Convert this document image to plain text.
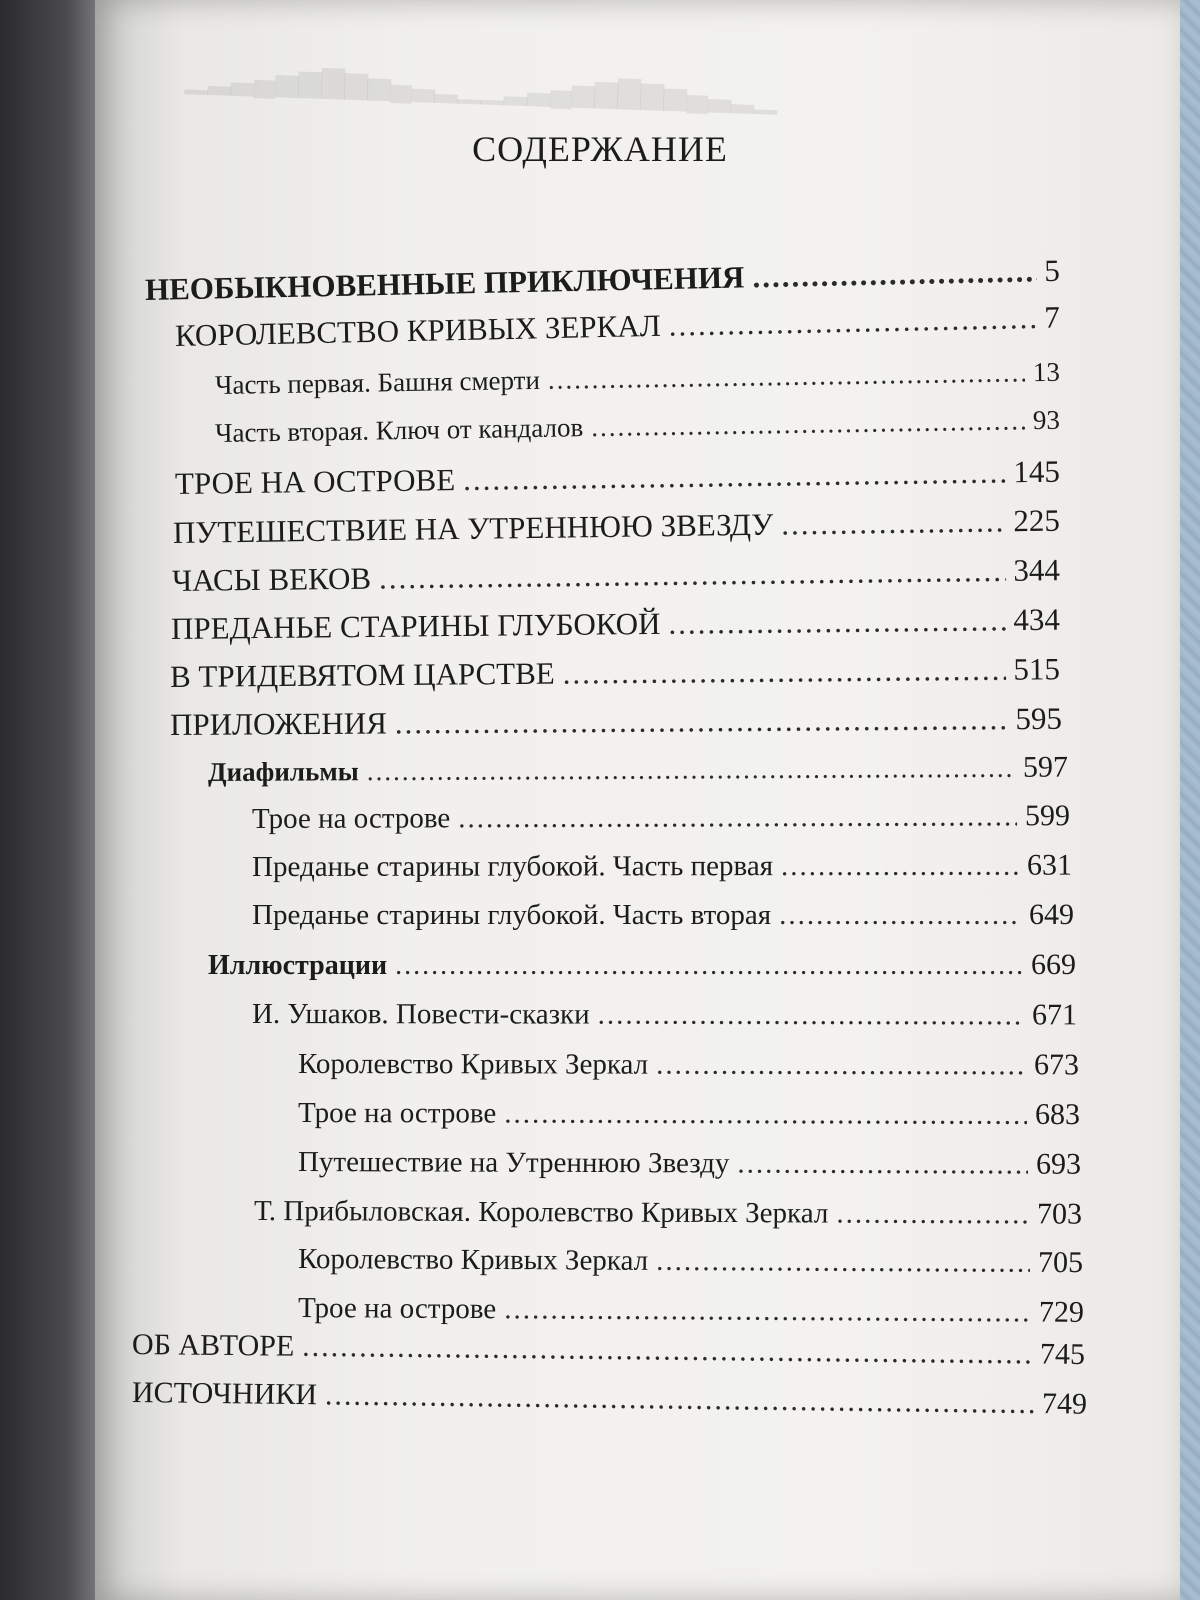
▁▂▃▄▅▆▇▆▅▄▃▂▁▁▂▃▄▅▆▇▆▅▄▃▂▁
СОДЕРЖАНИЕ
НЕОБЫКНОВЕННЫЕ ПРИКЛЮЧЕНИЯ .....	5
КОРОЛЕВСТВО КРИВЫХ ЗЕРКАЛ .....	7
Часть первая. Башня смерти .....	13
Часть вторая. Ключ от кандалов .....	93
ТРОЕ НА ОСТРОВЕ .....	145
ПУТЕШЕСТВИЕ НА УТРЕННЮЮ ЗВЕЗДУ .....	225
ЧАСЫ ВЕКОВ .....	344
ПРЕДАНЬЕ СТАРИНЫ ГЛУБОКОЙ .....	434
В ТРИДЕВЯТОМ ЦАРСТВЕ .....	515
ПРИЛОЖЕНИЯ .....	595
Диафильмы .....	597
Трое на острове .....	599
Преданье старины глубокой. Часть первая .....	631
Преданье старины глубокой. Часть вторая .....	649
Иллюстрации .....	669
И. Ушаков. Повести-сказки .....	671
Королевство Кривых Зеркал .....	673
Трое на острове .....	683
Путешествие на Утреннюю Звезду .....	693
Т. Прибыловская. Королевство Кривых Зеркал .....	703
Королевство Кривых Зеркал .....	705
Трое на острове .....	729
ОБ АВТОРЕ .....	745
ИСТОЧНИКИ .....	749
